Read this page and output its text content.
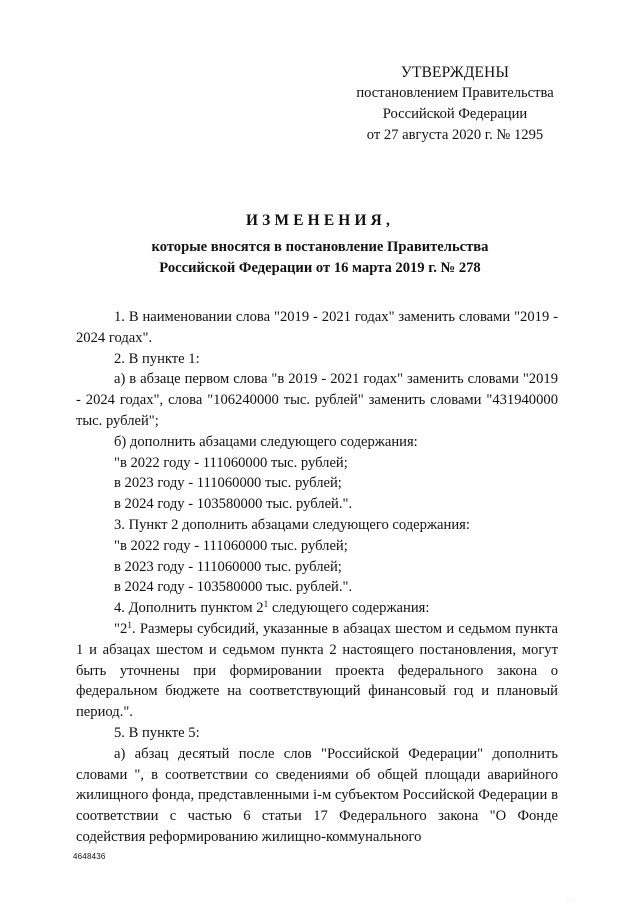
УТВЕРЖДЕНЫ
постановлением Правительства
Российской Федерации
от 27 августа 2020 г. № 1295
ИЗМЕНЕНИЯ,
которые вносятся в постановление Правительства
Российской Федерации от 16 марта 2019 г. № 278

1. В наименовании слова "2019 - 2021 годах" заменить словами "2019 - 2024 годах".

2. В пункте 1:

а) в абзаце первом слова "в 2019 - 2021 годах" заменить словами "2019 - 2024 годах", слова "106240000 тыс. рублей" заменить словами "431940000 тыс. рублей";

б) дополнить абзацами следующего содержания:

"в 2022 году - 111060000 тыс. рублей;

в 2023 году - 111060000 тыс. рублей;

в 2024 году - 103580000 тыс. рублей.".

3. Пункт 2 дополнить абзацами следующего содержания:

"в 2022 году - 111060000 тыс. рублей;

в 2023 году - 111060000 тыс. рублей;

в 2024 году - 103580000 тыс. рублей.".

4. Дополнить пунктом $2^1$ следующего содержания:

"$2^1$. Размеры субсидий, указанные в абзацах шестом и седьмом пункта 1 и абзацах шестом и седьмом пункта 2 настоящего постановления, могут быть уточнены при формировании проекта федерального закона о федеральном бюджете на соответствующий финансовый год и плановый период.".

5. В пункте 5:

а) абзац десятый после слов "Российской Федерации" дополнить словами ", в соответствии со сведениями об общей площади аварийного жилищного фонда, представленными i-м субъектом Российской Федерации в соответствии с частью 6 статьи 17 Федерального закона "О Фонде содействия реформированию жилищно-коммунального

4648436
· · ·
